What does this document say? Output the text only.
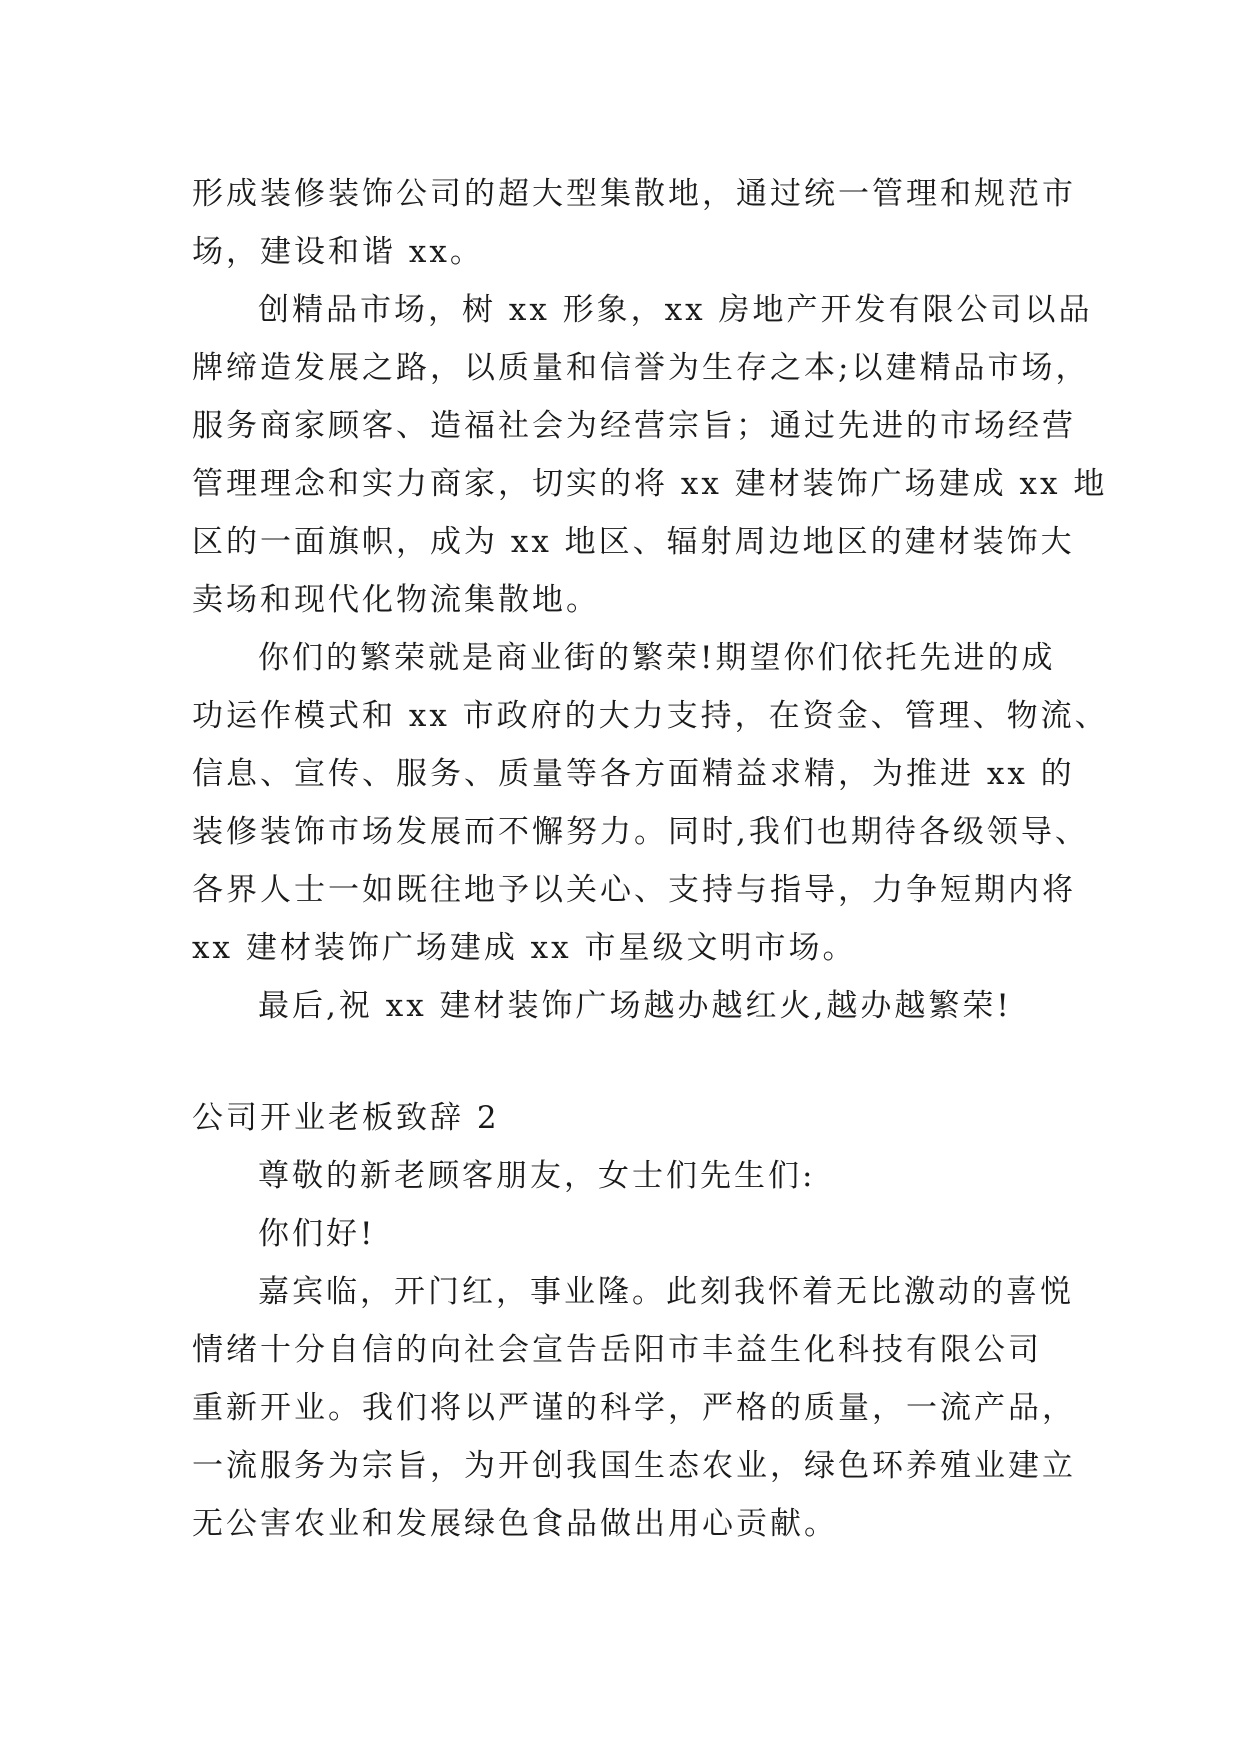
形成装修装饰公司的超大型集散地，通过统一管理和规范市
场，建设和谐 xx。
创精品市场，树 xx 形象，xx 房地产开发有限公司以品
牌缔造发展之路，以质量和信誉为生存之本;以建精品市场，
服务商家顾客、造福社会为经营宗旨；通过先进的市场经营
管理理念和实力商家，切实的将 xx 建材装饰广场建成 xx 地
区的一面旗帜，成为 xx 地区、辐射周边地区的建材装饰大
卖场和现代化物流集散地。
你们的繁荣就是商业街的繁荣!期望你们依托先进的成
功运作模式和 xx 市政府的大力支持，在资金、管理、物流、
信息、宣传、服务、质量等各方面精益求精，为推进 xx 的
装修装饰市场发展而不懈努力。同时,我们也期待各级领导、
各界人士一如既往地予以关心、支持与指导，力争短期内将
xx 建材装饰广场建成 xx 市星级文明市场。
最后,祝 xx 建材装饰广场越办越红火,越办越繁荣!
公司开业老板致辞 2
尊敬的新老顾客朋友，女士们先生们:
你们好!
嘉宾临，开门红，事业隆。此刻我怀着无比激动的喜悦
情绪十分自信的向社会宣告岳阳市丰益生化科技有限公司
重新开业。我们将以严谨的科学，严格的质量，一流产品，
一流服务为宗旨，为开创我国生态农业，绿色环养殖业建立
无公害农业和发展绿色食品做出用心贡献。
